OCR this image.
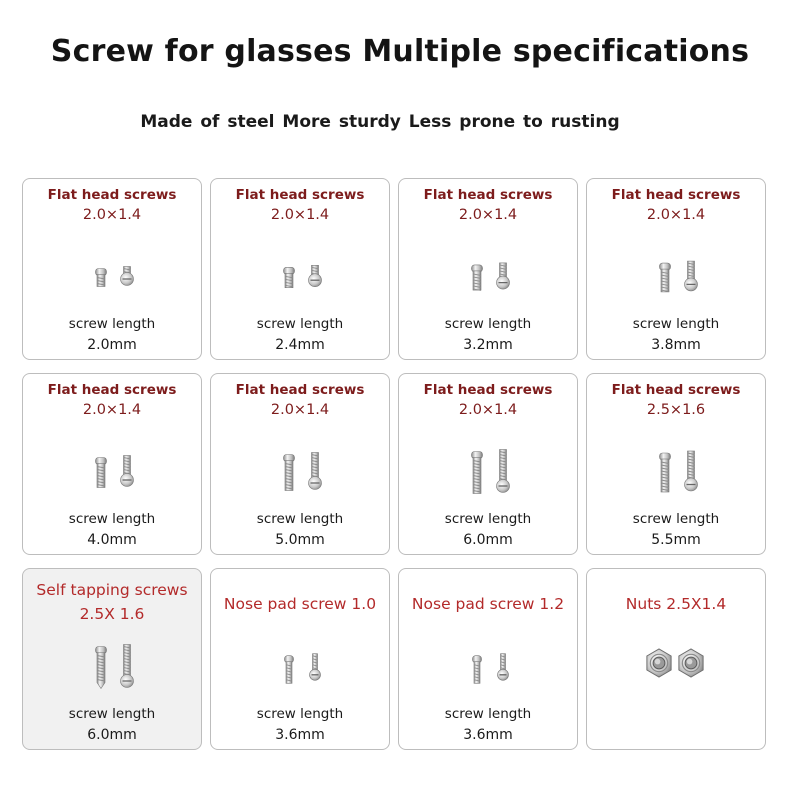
Screw for glasses Multiple specifications
Made of steel More sturdy Less prone to rusting
Flat head screws
2.0×1.4
screw length
2.0mm
Flat head screws
2.0×1.4
screw length
2.4mm
Flat head screws
2.0×1.4
screw length
3.2mm
Flat head screws
2.0×1.4
screw length
3.8mm
Flat head screws
2.0×1.4
screw length
4.0mm
Flat head screws
2.0×1.4
screw length
5.0mm
Flat head screws
2.0×1.4
screw length
6.0mm
Flat head screws
2.5×1.6
screw length
5.5mm
Self tapping screws
2.5X 1.6
screw length
6.0mm
Nose pad screw 1.0
screw length
3.6mm
Nose pad screw 1.2
screw length
3.6mm
Nuts 2.5X1.4
